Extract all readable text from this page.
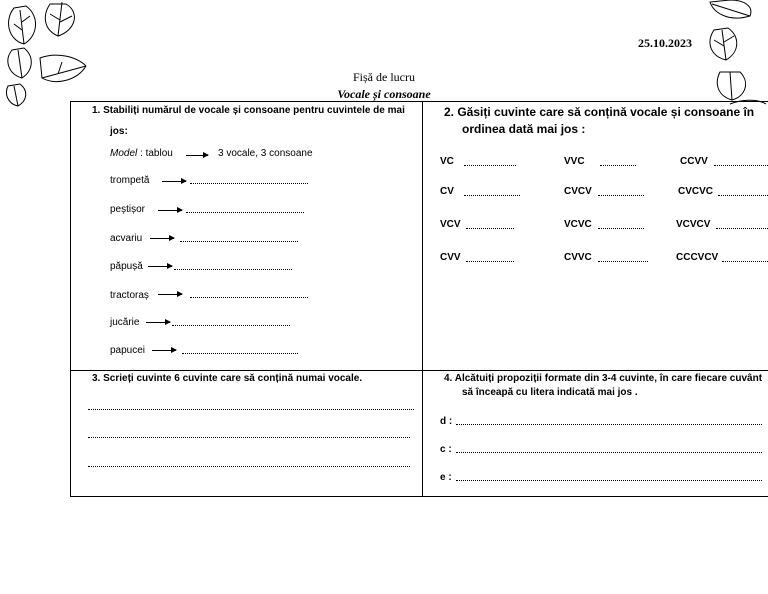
25.10.2023
Fișă de lucru
Vocale și consoane
1. Stabiliți numărul de vocale și consoane pentru cuvintele de mai
jos:
Model : tablou	3 vocale, 3 consoane
trompetă
peștișor
acvariu
păpușă
tractoraș
jucărie
papucei
2. Găsiți cuvinte care să conțină vocale și consoane în
ordinea dată mai jos :
VC	VVC	CCVV
CV	CVCV	CVCVC
VCV	VCVC	VCVCV
CVV	CVVC	CCCVCV
3. Scrieți cuvinte 6 cuvinte care să conțină numai vocale.	4. Alcătuiți propoziții formate din 3-4 cuvinte, în care fiecare cuvânt
să înceapă cu litera indicată mai jos .
d :
c :
e :
